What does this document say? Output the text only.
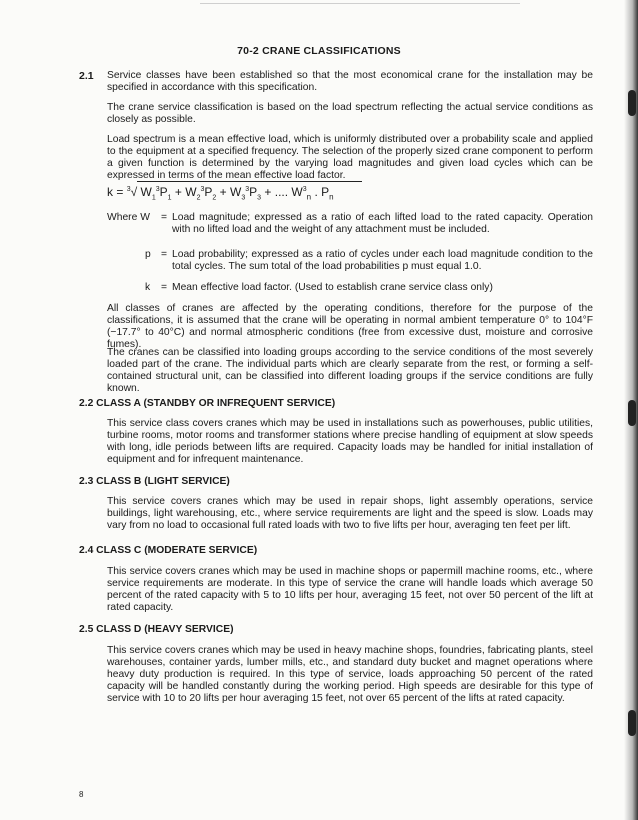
70-2 CRANE CLASSIFICATIONS
2.1 Service classes have been established so that the most economical crane for the installation may be specified in accordance with this specification.
The crane service classification is based on the load spectrum reflecting the actual service conditions as closely as possible.
Load spectrum is a mean effective load, which is uniformly distributed over a probability scale and applied to the equipment at a specified frequency. The selection of the properly sized crane component to perform a given function is determined by the varying load magnitudes and given load cycles which can be expressed in terms of the mean effective load factor.
k = $^3$√ $W_1^3P_1 + W_2^3P_2 + W_3^3P_3$ + .... $W^3_n$ . $P_n$
Where W = Load magnitude; expressed as a ratio of each lifted load to the rated capacity. Operation with no lifted load and the weight of any attachment must be included.
p = Load probability; expressed as a ratio of cycles under each load magnitude condition to the total cycles. The sum total of the load probabilities p must equal 1.0.
k = Mean effective load factor. (Used to establish crane service class only)
All classes of cranes are affected by the operating conditions, therefore for the purpose of the classifications, it is assumed that the crane will be operating in normal ambient temperature 0° to 104°F (−17.7° to 40°C) and normal atmospheric conditions (free from excessive dust, moisture and corrosive fumes).
The cranes can be classified into loading groups according to the service conditions of the most severely loaded part of the crane. The individual parts which are clearly separate from the rest, or forming a self-contained structural unit, can be classified into different loading groups if the service conditions are fully known.
2.2 CLASS A (STANDBY OR INFREQUENT SERVICE)
This service class covers cranes which may be used in installations such as powerhouses, public utilities, turbine rooms, motor rooms and transformer stations where precise handling of equipment at slow speeds with long, idle periods between lifts are required. Capacity loads may be handled for initial installation of equipment and for infrequent maintenance.
2.3 CLASS B (LIGHT SERVICE)
This service covers cranes which may be used in repair shops, light assembly operations, service buildings, light warehousing, etc., where service requirements are light and the speed is slow. Loads may vary from no load to occasional full rated loads with two to five lifts per hour, averaging ten feet per lift.
2.4 CLASS C (MODERATE SERVICE)
This service covers cranes which may be used in machine shops or papermill machine rooms, etc., where service requirements are moderate. In this type of service the crane will handle loads which average 50 percent of the rated capacity with 5 to 10 lifts per hour, averaging 15 feet, not over 50 percent of the lift at rated capacity.
2.5 CLASS D (HEAVY SERVICE)
This service covers cranes which may be used in heavy machine shops, foundries, fabricating plants, steel warehouses, container yards, lumber mills, etc., and standard duty bucket and magnet operations where heavy duty production is required. In this type of service, loads approaching 50 percent of the rated capacity will be handled constantly during the working period. High speeds are desirable for this type of service with 10 to 20 lifts per hour averaging 15 feet, not over 65 percent of the lifts at rated capacity.
8
